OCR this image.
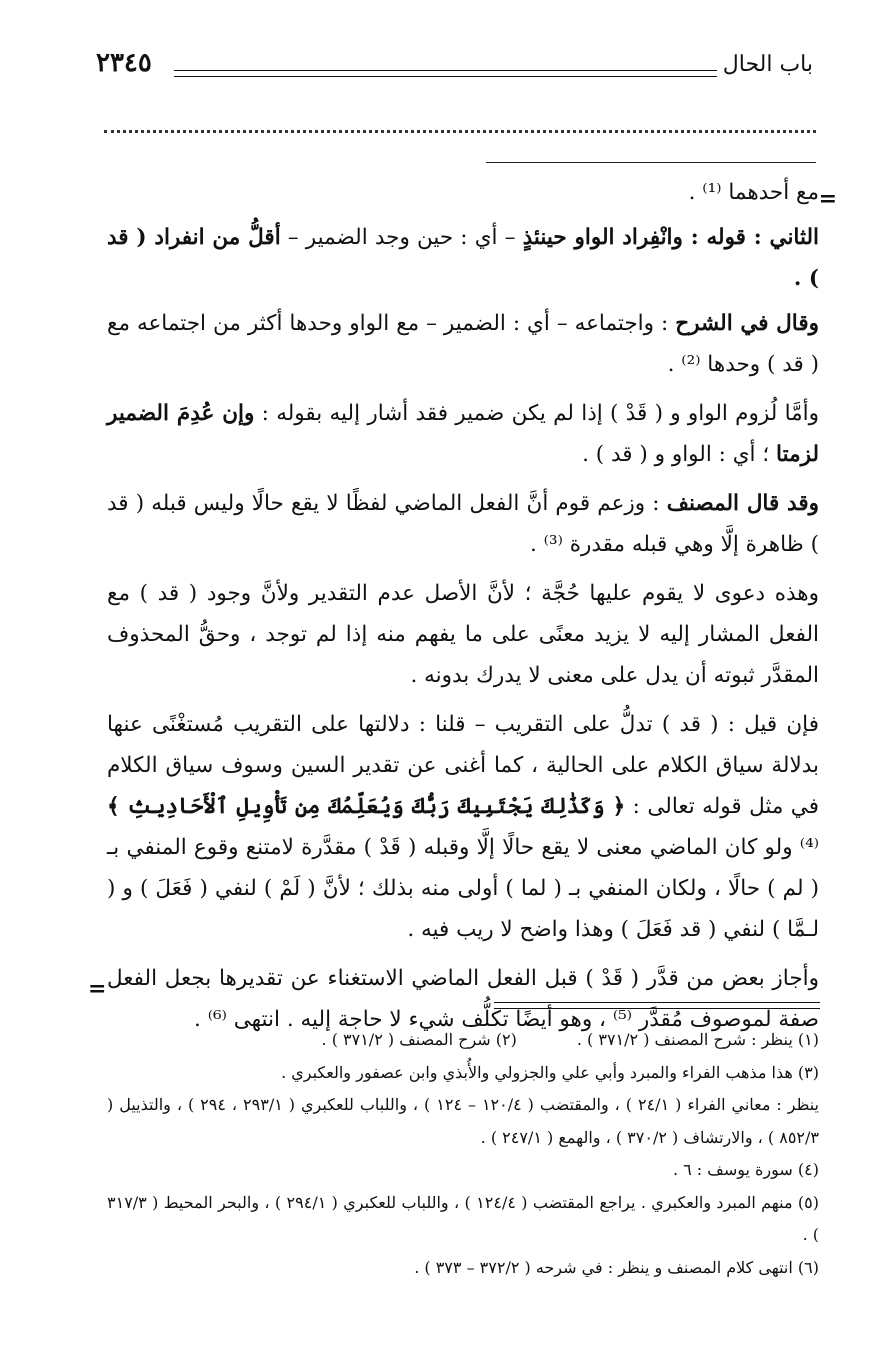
باب الحال
٢٣٤٥
=
=

مع أحدهما ⁽¹⁾ .

الثاني : قوله : وانْفِراد الواو حينئذٍ – أي : حين وجد الضمير – أقلُّ من انفراد ( قد ) .

وقال في الشرح : واجتماعه – أي : الضمير – مع الواو وحدها أكثر من اجتماعه مع ( قد ) وحدها ⁽²⁾ .

وأمَّا لُزوم الواو و ( قَدْ ) إذا لم يكن ضمير فقد أشار إليه بقوله : وإن عُدِمَ الضمير لزمتا ؛ أي : الواو و ( قد ) .

وقد قال المصنف : وزعم قوم أنَّ الفعل الماضي لفظًا لا يقع حالًا وليس قبله ( قد ) ظاهرة إلَّا وهي قبله مقدرة ⁽³⁾ .

وهذه دعوى لا يقوم عليها حُجَّة ؛ لأنَّ الأصل عدم التقدير ولأنَّ وجود ( قد ) مع الفعل المشار إليه لا يزيد معنًى على ما يفهم منه إذا لم توجد ، وحقُّ المحذوف المقدَّر ثبوته أن يدل على معنى لا يدرك بدونه .

فإن قيل : ( قد ) تدلُّ على التقريب – قلنا : دلالتها على التقريب مُستغْنًى عنها بدلالة سياق الكلام على الحالية ، كما أغنى عن تقدير السين وسوف سياق الكلام في مثل قوله تعالى : ﴿ وَكَذَٰلِكَ يَجْتَبِيكَ رَبُّكَ وَيُعَلِّمُكَ مِن تَأْوِيلِ ٱلْأَحَادِيثِ ﴾ ⁽⁴⁾ ولو كان الماضي معنى لا يقع حالًا إلَّا وقبله ( قَدْ ) مقدَّرة لامتنع وقوع المنفي بـ ( لم ) حالًا ، ولكان المنفي بـ ( لما ) أولى منه بذلك ؛ لأنَّ ( لَمْ ) لنفي ( فَعَلَ ) و ( لـمَّا ) لنفي ( قد فَعَلَ ) وهذا واضح لا ريب فيه .

وأجاز بعض من قدَّر ( قَدْ ) قبل الفعل الماضي الاستغناء عن تقديرها بجعل الفعل صفة لموصوف مُقدَّر ⁽⁵⁾ ، وهو أيضًا تكلُّف شيء لا حاجة إليه . انتهى ⁽⁶⁾ .

(١) ينظر : شرح المصنف ( ٣٧١/٢ ) .
(٢) شرح المصنف ( ٣٧١/٢ ) .

(٣) هذا مذهب الفراء والمبرد وأبي علي والجزولي والأُبذي وابن عصفور والعكبري .

ينظر : معاني الفراء ( ٢٤/١ ) ، والمقتضب ( ١٢٠/٤ – ١٢٤ ) ، واللباب للعكبري ( ٢٩٣/١ ، ٢٩٤ ) ، والتذييل ( ٨٥٢/٣ ) ، والارتشاف ( ٣٧٠/٢ ) ، والهمع ( ٢٤٧/١ ) .

(٤) سورة يوسف : ٦ .

(٥) منهم المبرد والعكبري . يراجع المقتضب ( ١٢٤/٤ ) ، واللباب للعكبري ( ٢٩٤/١ ) ، والبحر المحيط ( ٣١٧/٣ ) .

(٦) انتهى كلام المصنف و ينظر : في شرحه ( ٣٧٢/٢ – ٣٧٣ ) .
